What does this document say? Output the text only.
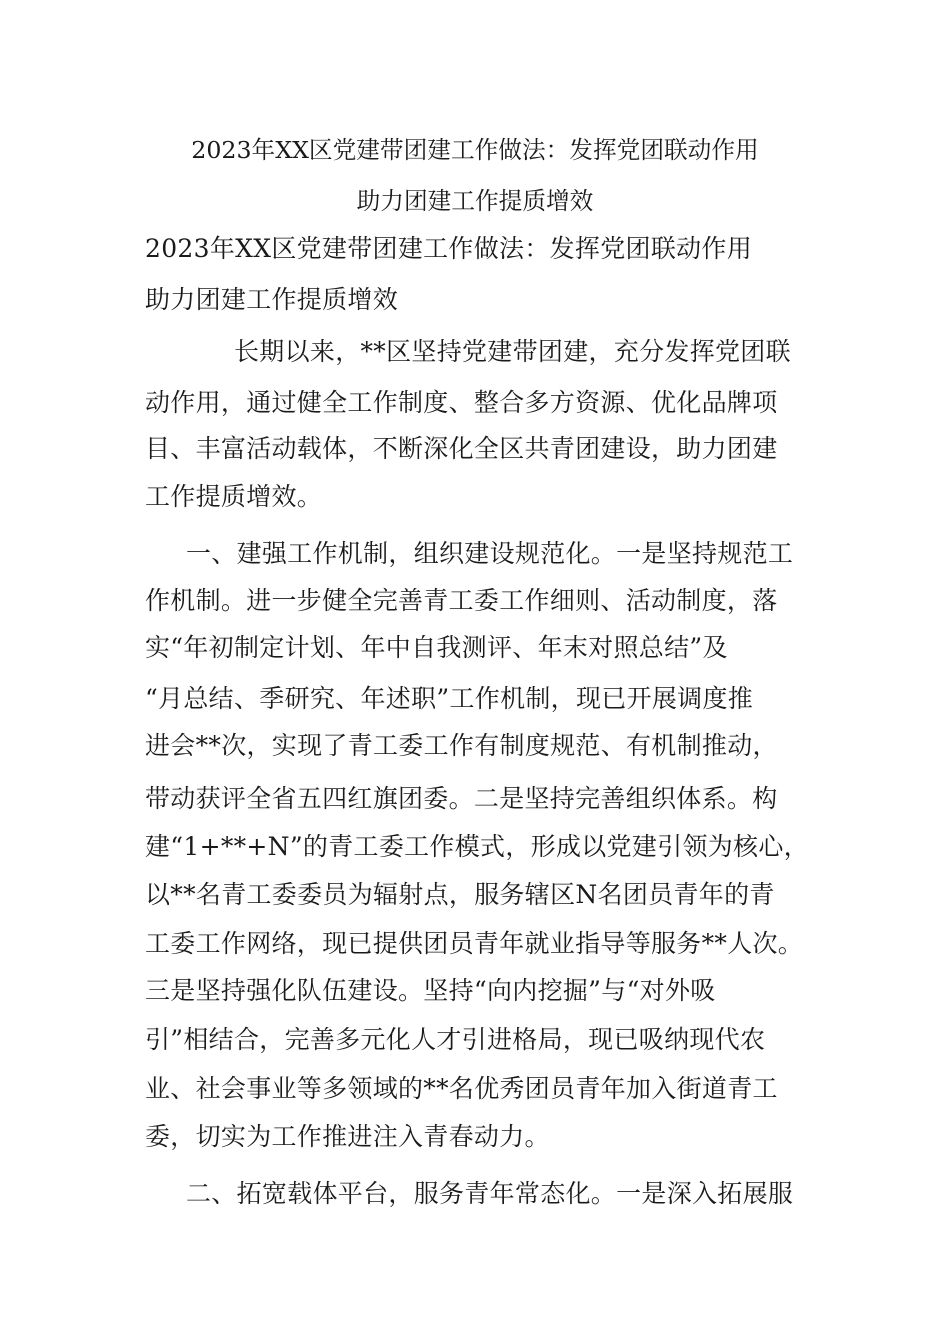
2023年XX区党建带团建工作做法：发挥党团联动作用
助力团建工作提质增效
2023年XX区党建带团建工作做法：发挥党团联动作用
助力团建工作提质增效
长期以来，**区坚持党建带团建，充分发挥党团联
动作用，通过健全工作制度、整合多方资源、优化品牌项
目、丰富活动载体，不断深化全区共青团建设，助力团建
工作提质增效。
一、建强工作机制，组织建设规范化。一是坚持规范工
作机制。进一步健全完善青工委工作细则、活动制度，落
实“年初制定计划、年中自我测评、年末对照总结”及
“月总结、季研究、年述职”工作机制，现已开展调度推
进会**次，实现了青工委工作有制度规范、有机制推动，
带动获评全省五四红旗团委。二是坚持完善组织体系。构
建“1+**+N”的青工委工作模式，形成以党建引领为核心，
以**名青工委委员为辐射点，服务辖区N名团员青年的青
工委工作网络，现已提供团员青年就业指导等服务**人次。
三是坚持强化队伍建设。坚持“向内挖掘”与“对外吸
引”相结合，完善多元化人才引进格局，现已吸纳现代农
业、社会事业等多领域的**名优秀团员青年加入街道青工
委，切实为工作推进注入青春动力。
二、拓宽载体平台，服务青年常态化。一是深入拓展服
